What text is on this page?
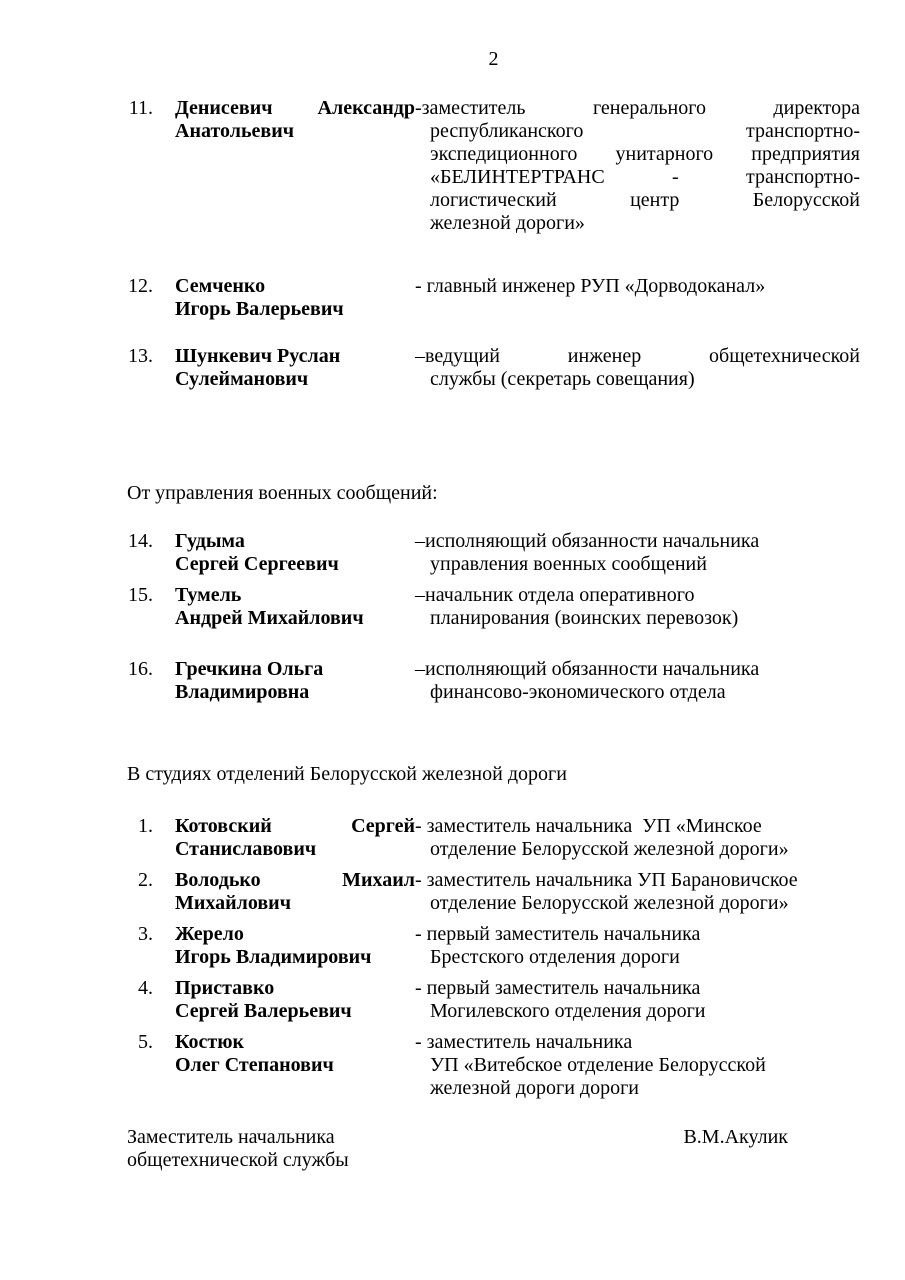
2
11. Денисевич Александр
Анатольевич
-заместитель генерального директора
республиканского транспортно-
экспедиционного унитарного предприятия
«БЕЛИНТЕРТРАНС - транспортно-
логистический центр Белорусской
железной дороги»
12. Семченко
Игорь Валерьевич
- главный инженер РУП «Дорводоканал»
13. Шункевич Руслан
Сулейманович
–ведущий инженер общетехнической
службы (секретарь совещания)
От управления военных сообщений:
14. Гудыма
Сергей Сергеевич
–исполняющий обязанности начальника
управления военных сообщений
15. Тумель
Андрей Михайлович
–начальник отдела оперативного
планирования (воинских перевозок)
16. Гречкина Ольга
Владимировна
–исполняющий обязанности начальника
финансово-экономического отдела
В студиях отделений Белорусской железной дороги
1. Котовский Сергей
Станиславович
- заместитель начальника  УП «Минское
отделение Белорусской железной дороги»
2. Володько Михаил
Михайлович
- заместитель начальника УП Барановичское
отделение Белорусской железной дороги»
3. Жерело
Игорь Владимирович
- первый заместитель начальника
Брестского отделения дороги
4. Приставко
Сергей Валерьевич
- первый заместитель начальника
Могилевского отделения дороги
5. Костюк
Олег Степанович
- заместитель начальника
УП «Витебское отделение Белорусской
железной дороги дороги
Заместитель начальника
общетехнической службы
В.М.Акулик
